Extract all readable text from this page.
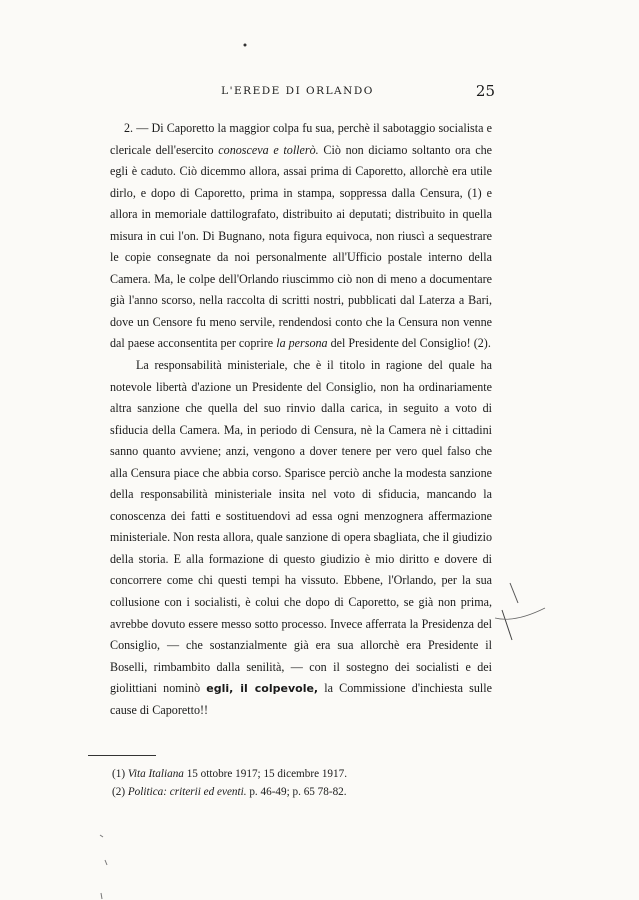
L'EREDE DI ORLANDO	25

2. — Di Caporetto la maggior colpa fu sua, perchè il sabotaggio socialista e clericale dell'esercito conosceva e tollerò. Ciò non diciamo soltanto ora che egli è caduto. Ciò dicemmo allora, assai prima di Caporetto, allorchè era utile dirlo, e dopo di Caporetto, prima in stampa, soppressa dalla Censura, (1) e allora in memoriale dattilografato, distribuito ai deputati; distribuito in quella misura in cui l'on. Di Bugnano, nota figura equivoca, non riuscì a sequestrare le copie consegnate da noi personalmente all'Ufficio postale interno della Camera. Ma, le colpe dell'Orlando riuscimmo ciò non di meno a documentare già l'anno scorso, nella raccolta di scritti nostri, pubblicati dal Laterza a Bari, dove un Censore fu meno servile, rendendosi conto che la Censura non venne dal paese acconsentita per coprire la persona del Presidente del Consiglio! (2).

La responsabilità ministeriale, che è il titolo in ragione del quale ha notevole libertà d'azione un Presidente del Consiglio, non ha ordinariamente altra sanzione che quella del suo rinvio dalla carica, in seguito a voto di sfiducia della Camera. Ma, in periodo di Censura, nè la Camera nè i cittadini sanno quanto avviene; anzi, vengono a dover tenere per vero quel falso che alla Censura piace che abbia corso. Sparisce perciò anche la modesta sanzione della responsabilità ministeriale insita nel voto di sfiducia, mancando la conoscenza dei fatti e sostituendovi ad essa ogni menzognera affermazione ministeriale. Non resta allora, quale sanzione di opera sbagliata, che il giudizio della storia. E alla formazione di questo giudizio è mio diritto e dovere di concorrere come chi questi tempi ha vissuto. Ebbene, l'Orlando, per la sua collusione con i socialisti, è colui che dopo di Caporetto, se già non prima, avrebbe dovuto essere messo sotto processo. Invece afferrata la Presidenza del Consiglio, — che sostanzialmente già era sua allorchè era Presidente il Boselli, rimbambito dalla senilità, — con il sostegno dei socialisti e dei giolittiani nominò egli, il colpevole, la Commissione d'inchiesta sulle cause di Caporetto!!

(1) Vita Italiana 15 ottobre 1917; 15 dicembre 1917.
(2) Politica: criterii ed eventi. p. 46-49; p. 65 78-82.
